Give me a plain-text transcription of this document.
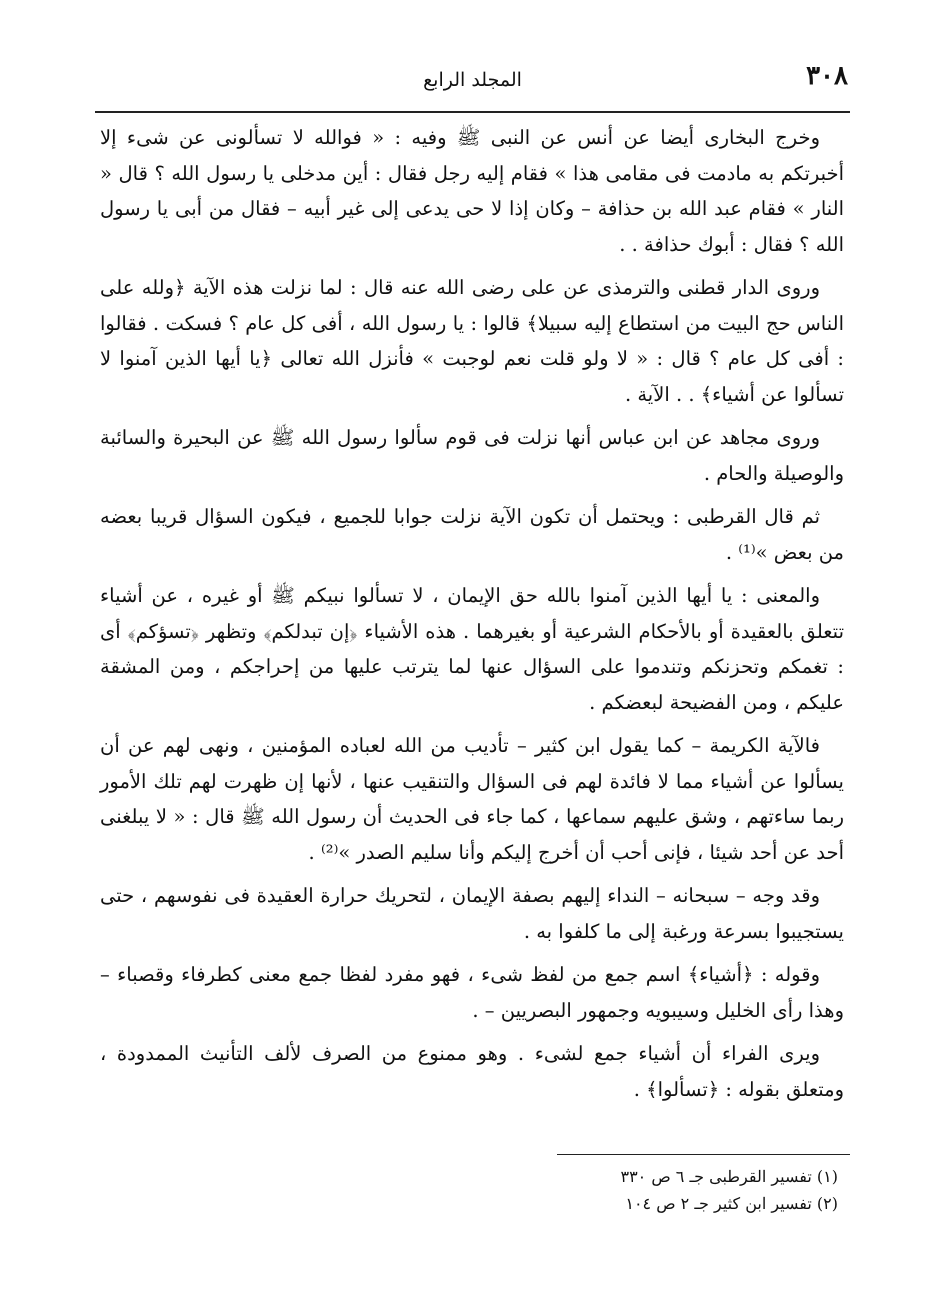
٣٠٨
المجلد الرابع

وخرج البخارى أيضا عن أنس عن النبى ﷺ وفيه : « فوالله لا تسألونى عن شىء إلا أخبرتكم به مادمت فى مقامى هذا » فقام إليه رجل فقال : أين مدخلى يا رسول الله ؟ قال « النار » فقام عبد الله بن حذافة – وكان إذا لا حى يدعى إلى غير أبيه – فقال من أبى يا رسول الله ؟ فقال : أبوك حذافة . .

وروى الدار قطنى والترمذى عن على رضى الله عنه قال : لما نزلت هذه الآية ﴿ولله على الناس حج البيت من استطاع إليه سبيلا﴾ قالوا : يا رسول الله ، أفى كل عام ؟ فسكت . فقالوا : أفى كل عام ؟ قال : « لا ولو قلت نعم لوجبت » فأنزل الله تعالى ﴿يا أيها الذين آمنوا لا تسألوا عن أشياء﴾ . . الآية .

وروى مجاهد عن ابن عباس أنها نزلت فى قوم سألوا رسول الله ﷺ عن البحيرة والسائبة والوصيلة والحام .

ثم قال القرطبى : ويحتمل أن تكون الآية نزلت جوابا للجميع ، فيكون السؤال قريبا بعضه من بعض »⁽¹⁾ .

والمعنى : يا أيها الذين آمنوا بالله حق الإيمان ، لا تسألوا نبيكم ﷺ أو غيره ، عن أشياء تتعلق بالعقيدة أو بالأحكام الشرعية أو بغيرهما . هذه الأشياء ﴿إن تبدلكم﴾ وتظهر ﴿تسؤكم﴾ أى : تغمكم وتحزنكم وتندموا على السؤال عنها لما يترتب عليها من إحراجكم ، ومن المشقة عليكم ، ومن الفضيحة لبعضكم .

فالآية الكريمة – كما يقول ابن كثير – تأديب من الله لعباده المؤمنين ، ونهى لهم عن أن يسألوا عن أشياء مما لا فائدة لهم فى السؤال والتنقيب عنها ، لأنها إن ظهرت لهم تلك الأمور ربما ساءتهم ، وشق عليهم سماعها ، كما جاء فى الحديث أن رسول الله ﷺ قال : « لا يبلغنى أحد عن أحد شيئا ، فإنى أحب أن أخرج إليكم وأنا سليم الصدر »⁽²⁾ .

وقد وجه – سبحانه – النداء إليهم بصفة الإيمان ، لتحريك حرارة العقيدة فى نفوسهم ، حتى يستجيبوا بسرعة ورغبة إلى ما كلفوا به .

وقوله : ﴿أشياء﴾ اسم جمع من لفظ شىء ، فهو مفرد لفظا جمع معنى كطرفاء وقصباء – وهذا رأى الخليل وسيبويه وجمهور البصريين – .

ويرى الفراء أن أشياء جمع لشىء . وهو ممنوع من الصرف لألف التأنيث الممدودة ، ومتعلق بقوله : ﴿تسألوا﴾ .

(١) تفسير القرطبى جـ ٦ ص ٣٣٠

(٢) تفسير ابن كثير جـ ٢ ص ١٠٤
